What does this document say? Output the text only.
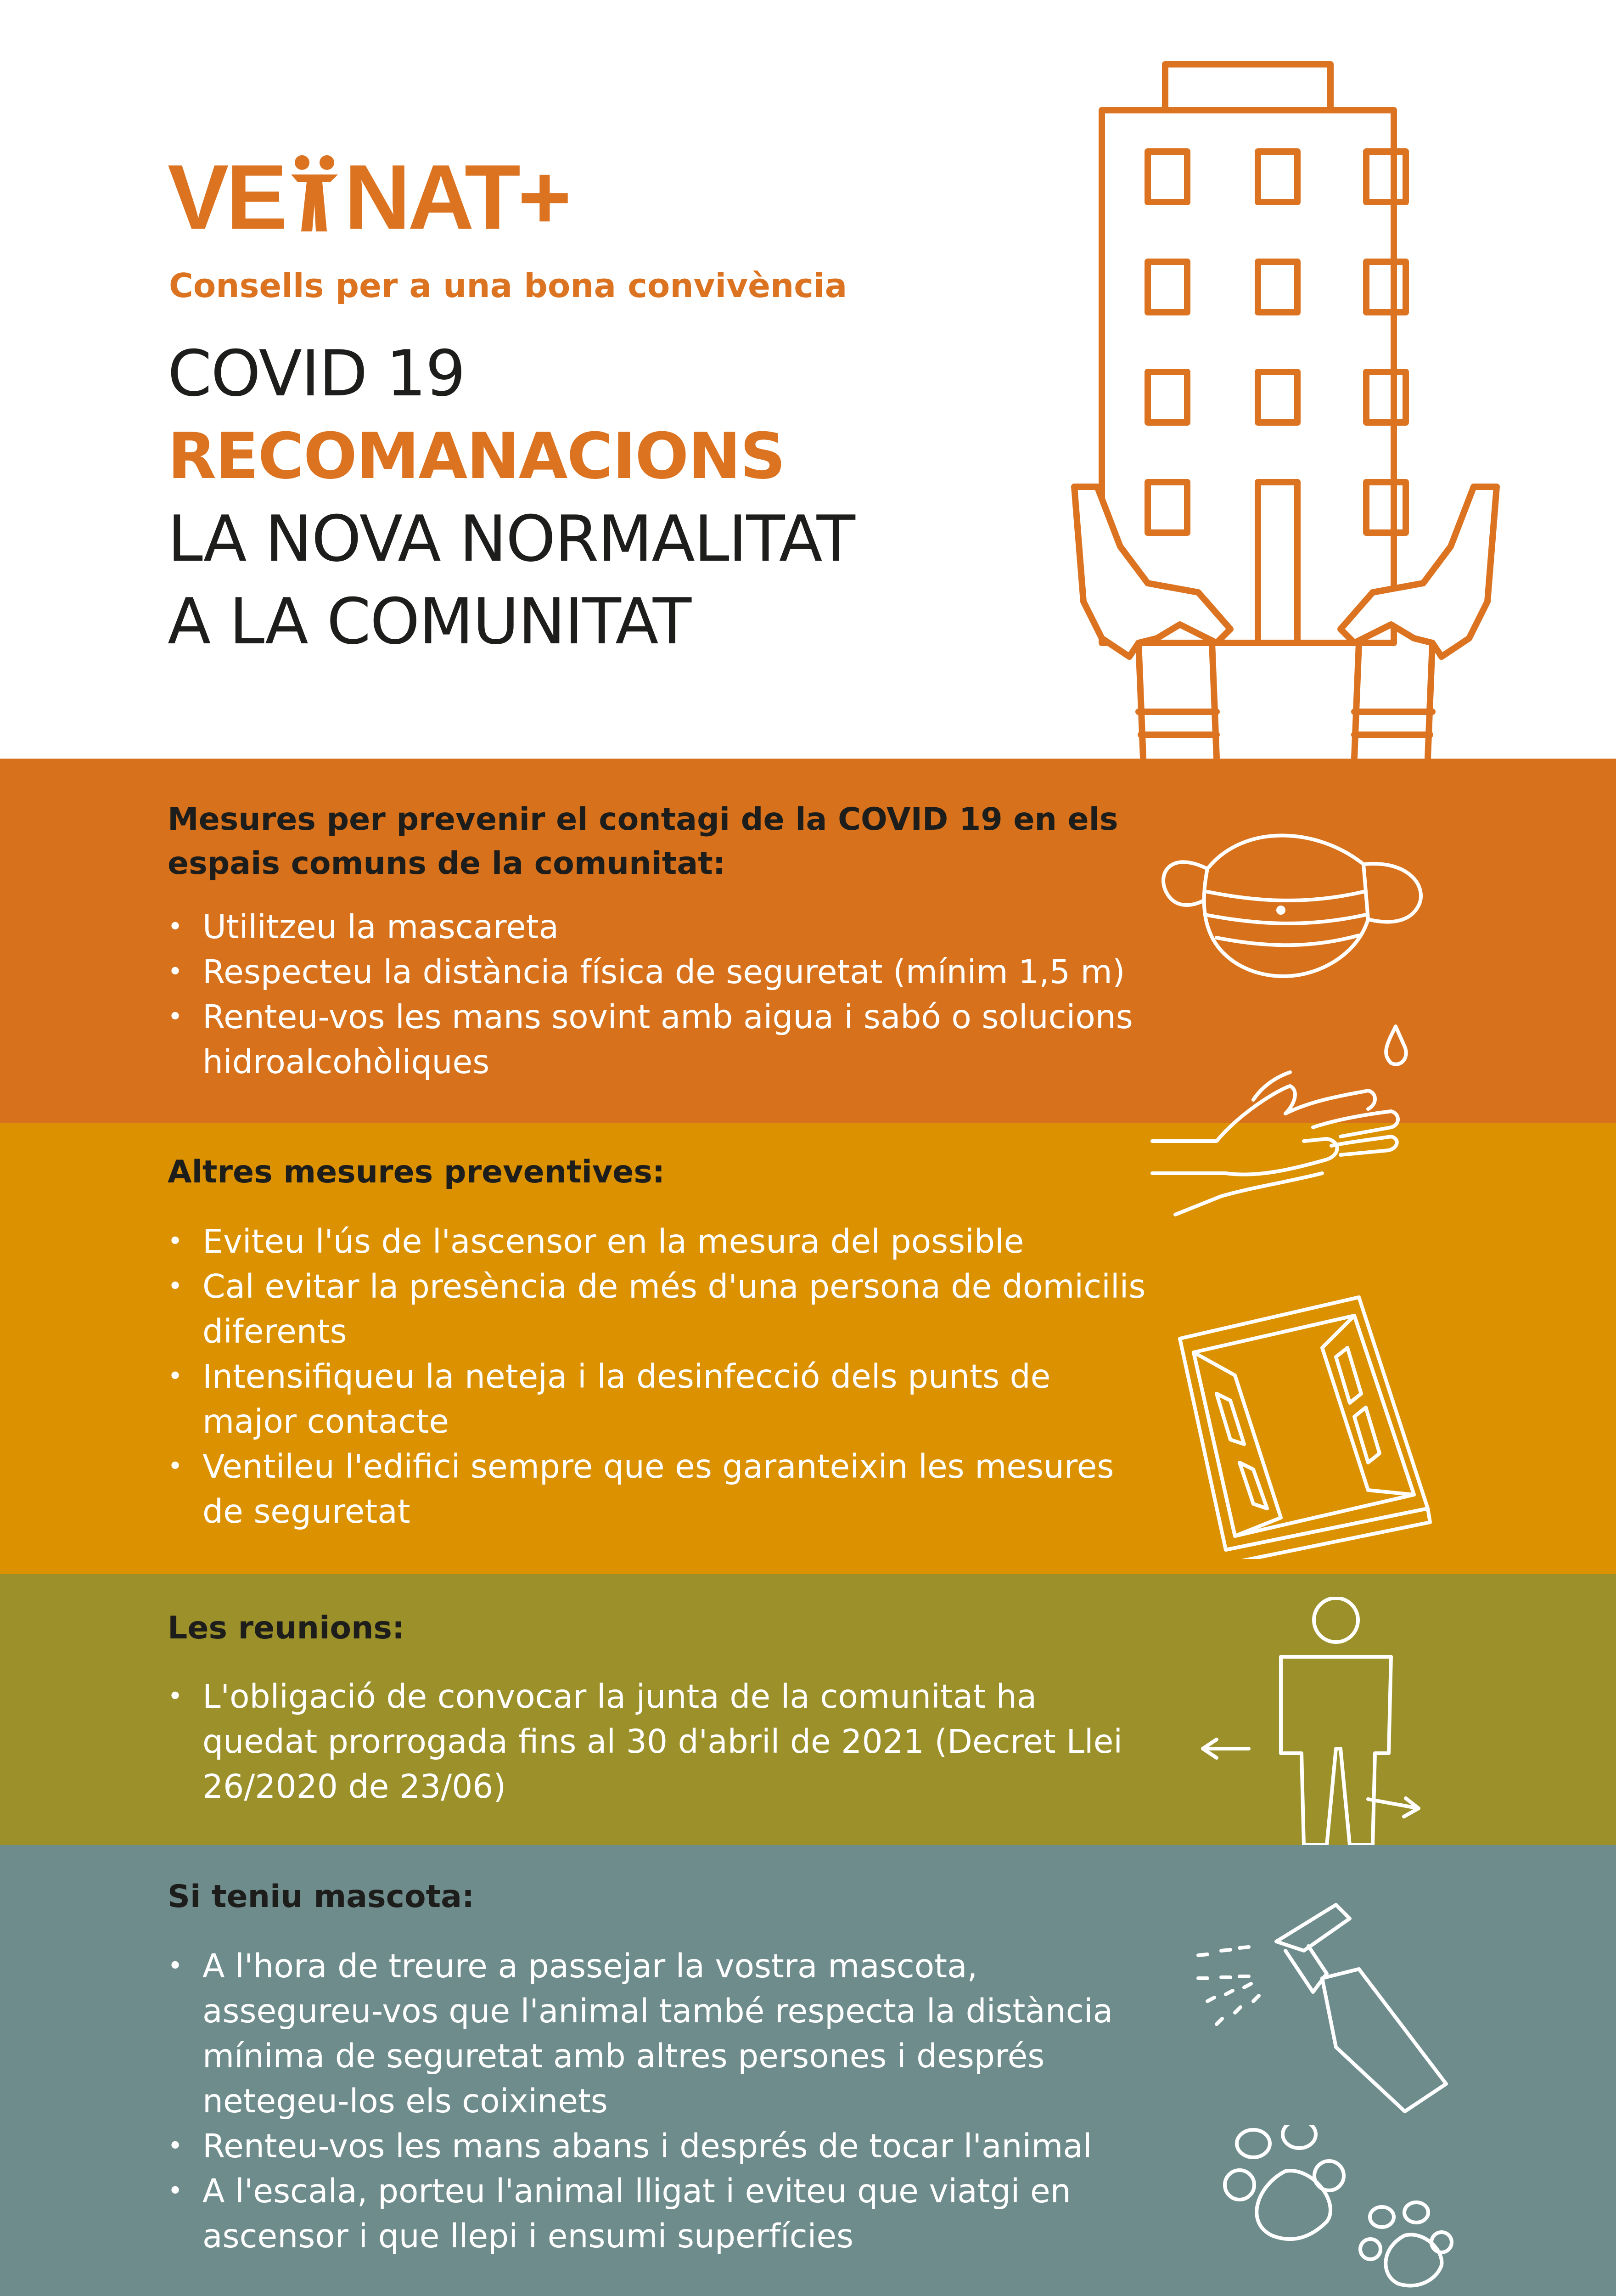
VE NAT+
Consells per a una bona convivència
COVID 19
RECOMANACIONS
LA NOVA NORMALITAT
A LA COMUNITAT
Mesures per prevenir el contagi de la COVID 19 en els espais comuns de la comunitat:
• Utilitzeu la mascareta
• Respecteu la distància física de seguretat (mínim 1,5 m)
• Renteu-vos les mans sovint amb aigua i sabó o solucions hidroalcohòliques
Altres mesures preventives:
• Eviteu l'ús de l'ascensor en la mesura del possible
• Cal evitar la presència de més d'una persona de domicilis diferents
• Intensifiqueu la neteja i la desinfecció dels punts de major contacte
• Ventileu l'edifici sempre que es garanteixin les mesures de seguretat
Les reunions:
• L'obligació de convocar la junta de la comunitat ha quedat prorrogada fins al 30 d'abril de 2021 (Decret Llei 26/2020 de 23/06)
Si teniu mascota:
• A l'hora de treure a passejar la vostra mascota, assegureu-vos que l'animal també respecta la distància mínima de seguretat amb altres persones i després netegeu-los els coixinets
• Renteu-vos les mans abans i després de tocar l'animal
• A l'escala, porteu l'animal lligat i eviteu que viatgi en ascensor i que llepi i ensumi superfícies
